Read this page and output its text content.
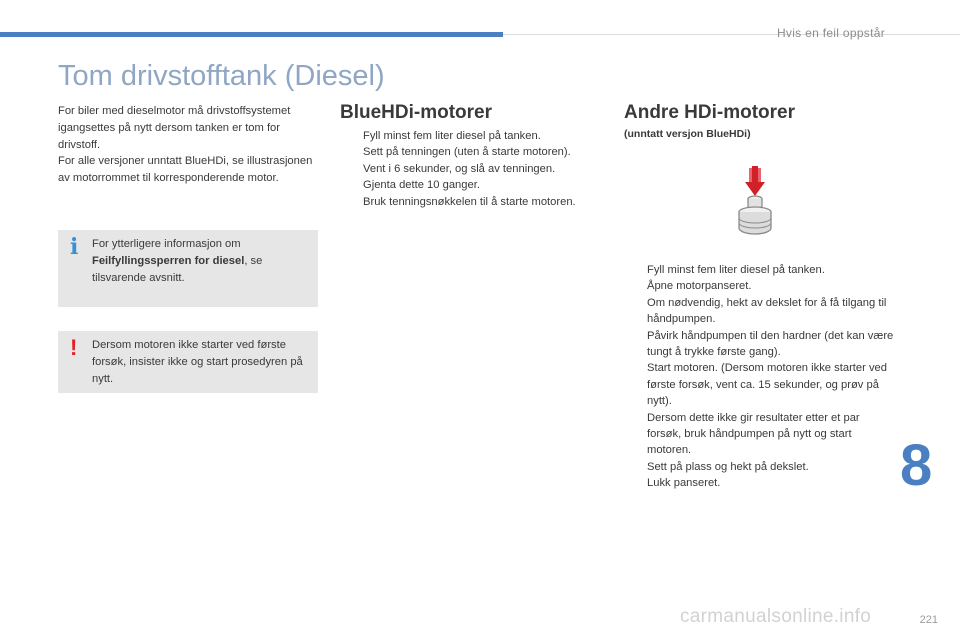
Hvis en feil oppstår
Tom drivstofftank (Diesel)

For biler med dieselmotor må drivstoffsystemet igangsettes på nytt dersom tanken er tom for drivstoff.

For alle versjoner unntatt BlueHDi, se illustrasjonen av motorrommet til korresponderende motor.

i For ytterligere informasjon om Feilfyllingssperren for diesel, se tilsvarende avsnitt.
! Dersom motoren ikke starter ved første forsøk, insister ikke og start prosedyren på nytt.
BlueHDi-motorer
Fyll minst fem liter diesel på tanken.
Sett på tenningen (uten å starte motoren).
Vent i 6 sekunder, og slå av tenningen.
Gjenta dette 10 ganger.
Bruk tenningsnøkkelen til å starte motoren.
Andre HDi-motorer
(unntatt versjon BlueHDi)
Fyll minst fem liter diesel på tanken.
Åpne motorpanseret.
Om nødvendig, hekt av dekslet for å få tilgang til håndpumpen.
Påvirk håndpumpen til den hardner (det kan være tungt å trykke første gang).
Start motoren. (Dersom motoren ikke starter ved første forsøk, vent ca. 15 sekunder, og prøv på nytt).
Dersom dette ikke gir resultater etter et par forsøk, bruk håndpumpen på nytt og start motoren.
Sett på plass og hekt på dekslet.
Lukk panseret.	8
carmanualsonline.info	221
